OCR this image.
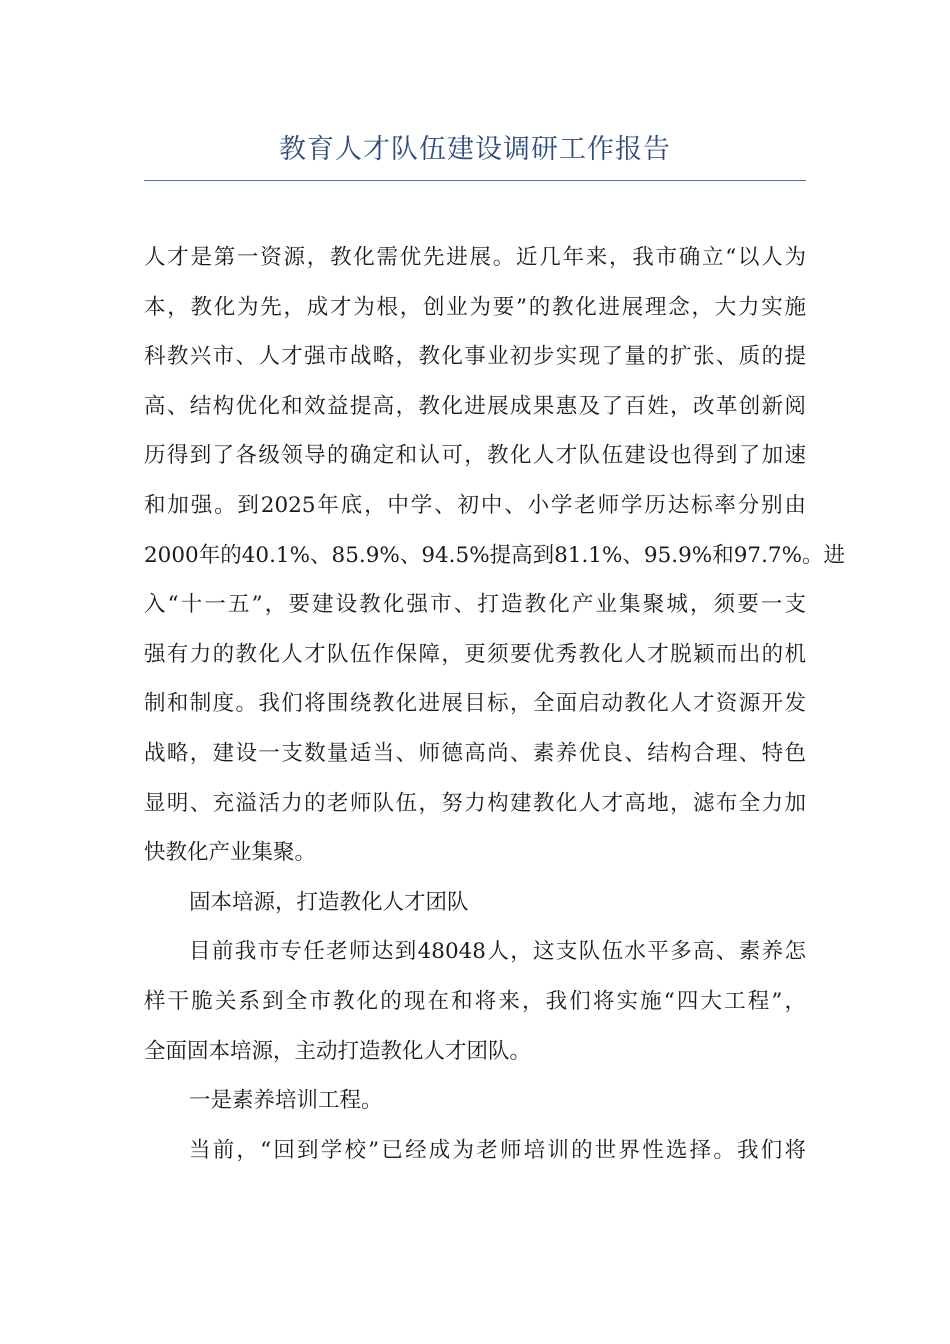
教育人才队伍建设调研工作报告
人才是第一资源，教化需优先进展。近几年来，我市确立“以人为
本，教化为先，成才为根，创业为要”的教化进展理念，大力实施
科教兴市、人才强市战略，教化事业初步实现了量的扩张、质的提
高、结构优化和效益提高，教化进展成果惠及了百姓，改革创新阅
历得到了各级领导的确定和认可，教化人才队伍建设也得到了加速
和加强。到2025年底，中学、初中、小学老师学历达标率分别由
2000年的40.1%、85.9%、94.5%提高到81.1%、95.9%和97.7%。进
入“十一五”，要建设教化强市、打造教化产业集聚城，须要一支
强有力的教化人才队伍作保障，更须要优秀教化人才脱颖而出的机
制和制度。我们将围绕教化进展目标，全面启动教化人才资源开发
战略，建设一支数量适当、师德高尚、素养优良、结构合理、特色
显明、充溢活力的老师队伍，努力构建教化人才高地，滤布全力加
快教化产业集聚。
固本培源，打造教化人才团队
目前我市专任老师达到48048人，这支队伍水平多高、素养怎
样干脆关系到全市教化的现在和将来，我们将实施“四大工程”，
全面固本培源，主动打造教化人才团队。
一是素养培训工程。
当前，“回到学校”已经成为老师培训的世界性选择。我们将
